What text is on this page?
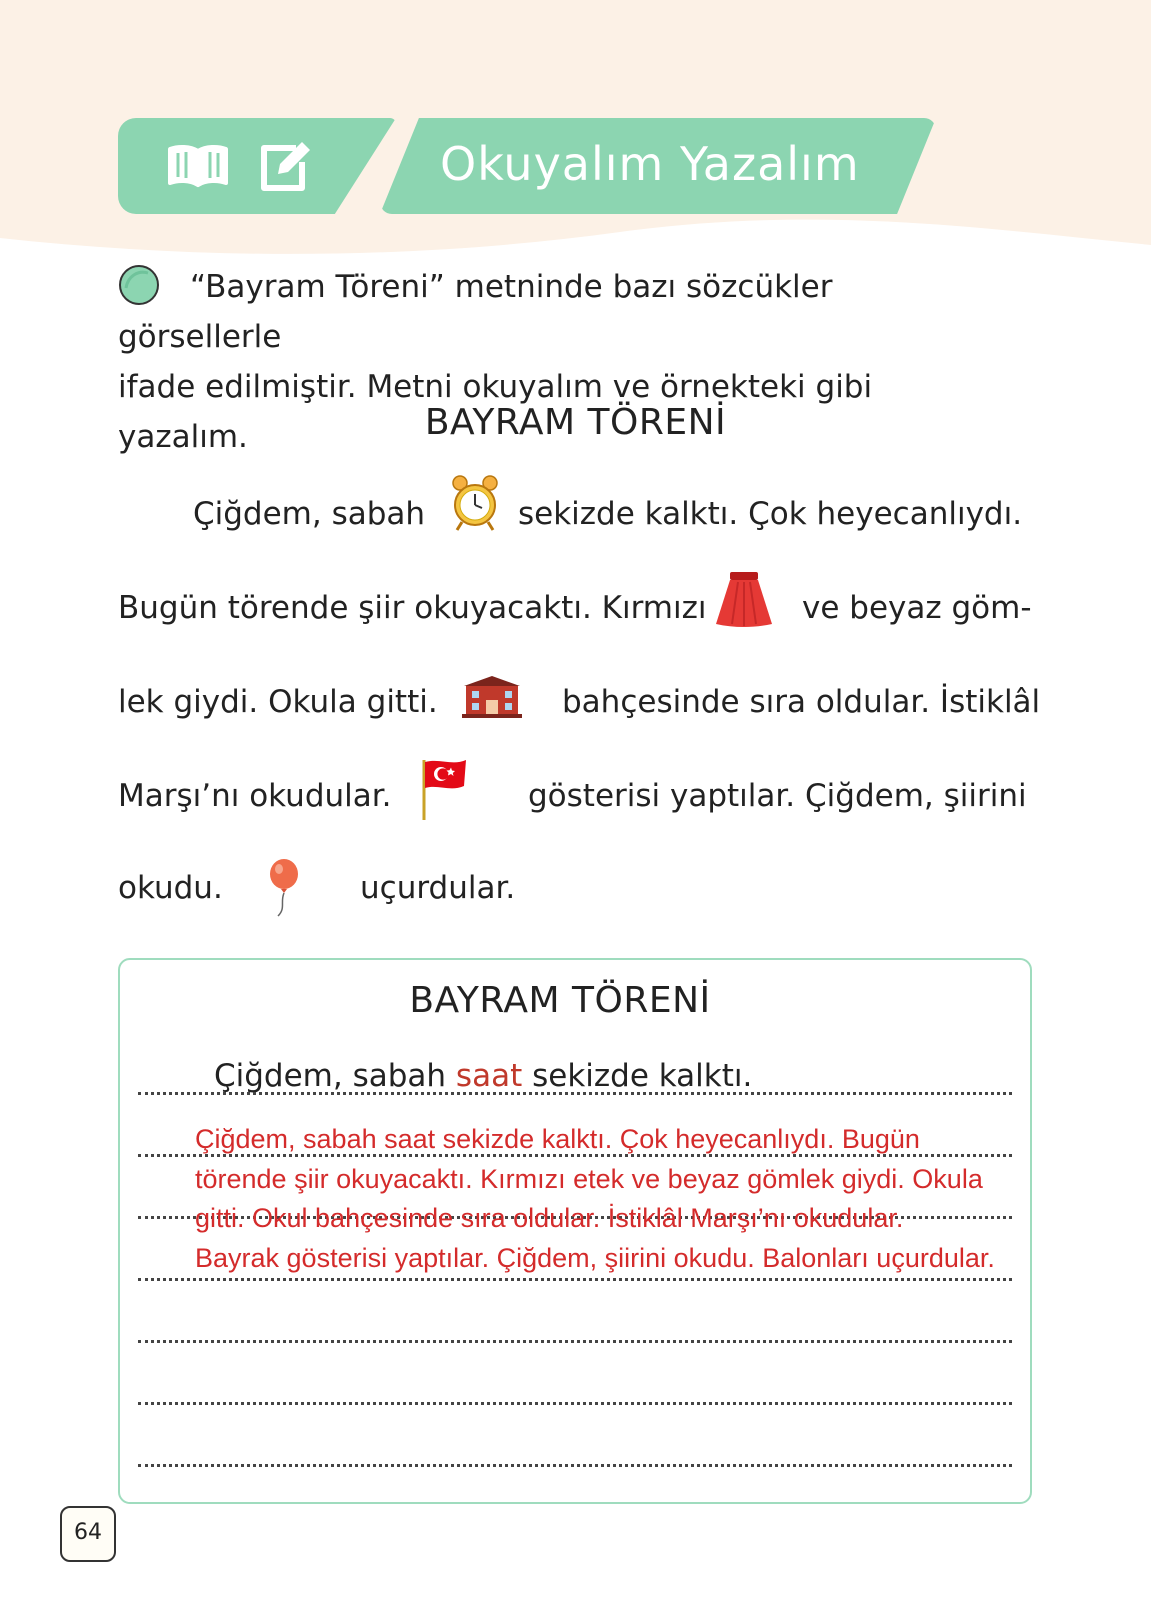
Okuyalım Yazalım
“Bayram Töreni” metninde bazı sözcükler görsellerle
ifade edilmiştir. Metni okuyalım ve örnekteki gibi yazalım.	BAYRAM TÖRENİ
Çiğdem, sabah	sekizde kalktı. Çok heyecanlıydı.
Bugün törende şiir okuyacaktı. Kırmızı	ve beyaz göm-
lek giydi. Okula gitti.	bahçesinde sıra oldular. İstiklâl
Marşı’nı okudular.	gösterisi yaptılar. Çiğdem, şiirini
okudu.	uçurdular.
BAYRAM TÖRENİ
Çiğdem, sabah saat sekizde kalktı.
Çiğdem, sabah saat sekizde kalktı. Çok heyecanlıydı. Bugün
törende şiir okuyacaktı. Kırmızı etek ve beyaz gömlek giydi. Okula
gitti. Okul bahçesinde sıra oldular. İstiklâl Marşı’nı okudular.
Bayrak gösterisi yaptılar. Çiğdem, şiirini okudu. Balonları uçurdular.
64
